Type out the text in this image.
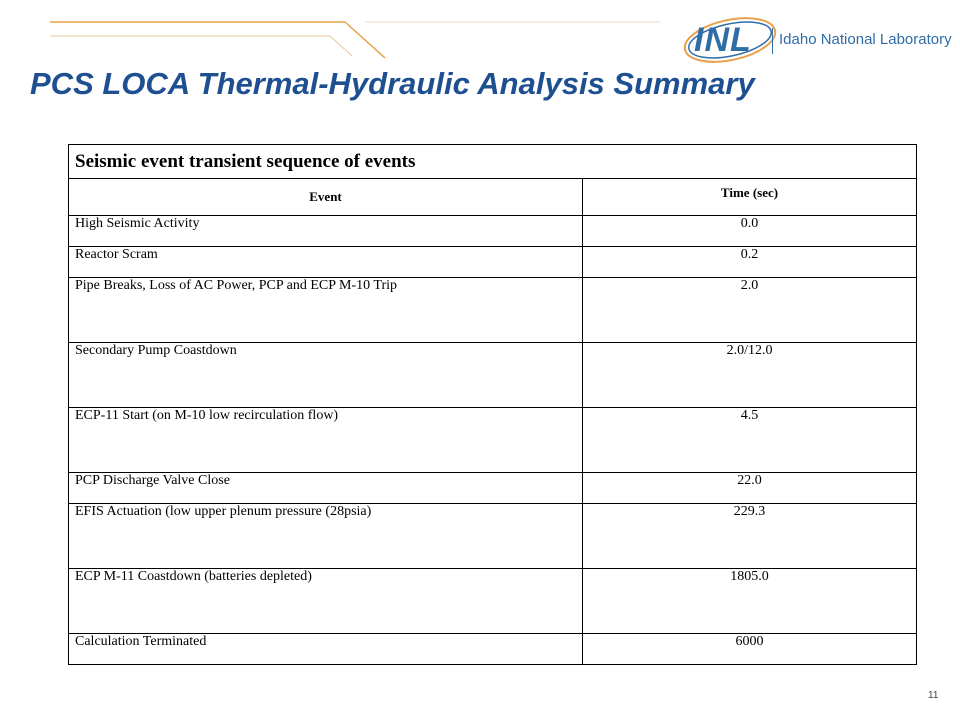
INL Idaho National Laboratory
PCS LOCA Thermal-Hydraulic Analysis Summary
Seismic event transient sequence of events	
Event	Time (sec)
High Seismic Activity	0.0
Reactor Scram	0.2
Pipe Breaks, Loss of AC Power, PCP and ECP M-10 Trip	2.0
Secondary Pump Coastdown	2.0/12.0
ECP-11 Start (on M-10 low recirculation flow)	4.5
PCP Discharge Valve Close	22.0
EFIS Actuation (low upper plenum pressure (28psia)	229.3
ECP M-11 Coastdown (batteries depleted)	1805.0
Calculation Terminated	6000
11
